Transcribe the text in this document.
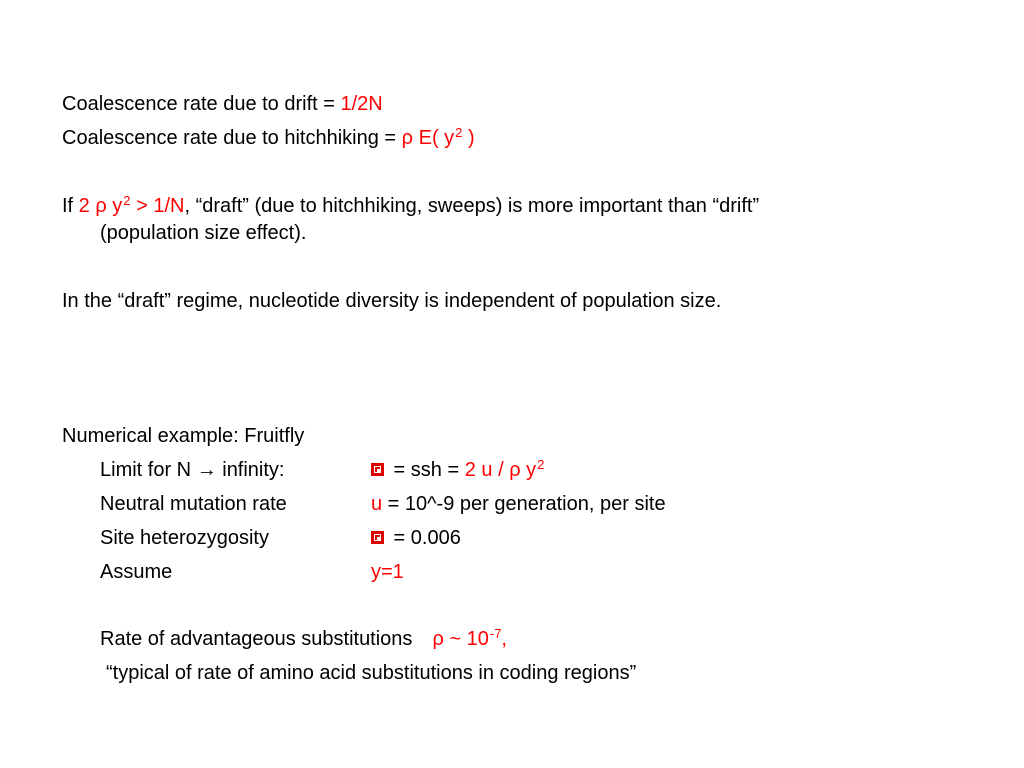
Coalescence rate due to drift = 1/2N
Coalescence rate due to hitchhiking = ρ E( $y^2$ )
If 2 ρ $y^2 > 1/N$, “draft” (due to hitchhiking, sweeps) is more important than “drift”
(population size effect).
In the “draft” regime, nucleotide diversity is independent of population size.
Numerical example: Fruitfly
Limit for N → infinity:	= ssh = 2 u / ρ $y^2$
Neutral mutation rate	u = 10^-9 per generation, per site
Site heterozygosity	= 0.006
Assume	y=1
Rate of advantageous substitutions ρ ~ $10^{-7}$,
“typical of rate of amino acid substitutions in coding regions”
